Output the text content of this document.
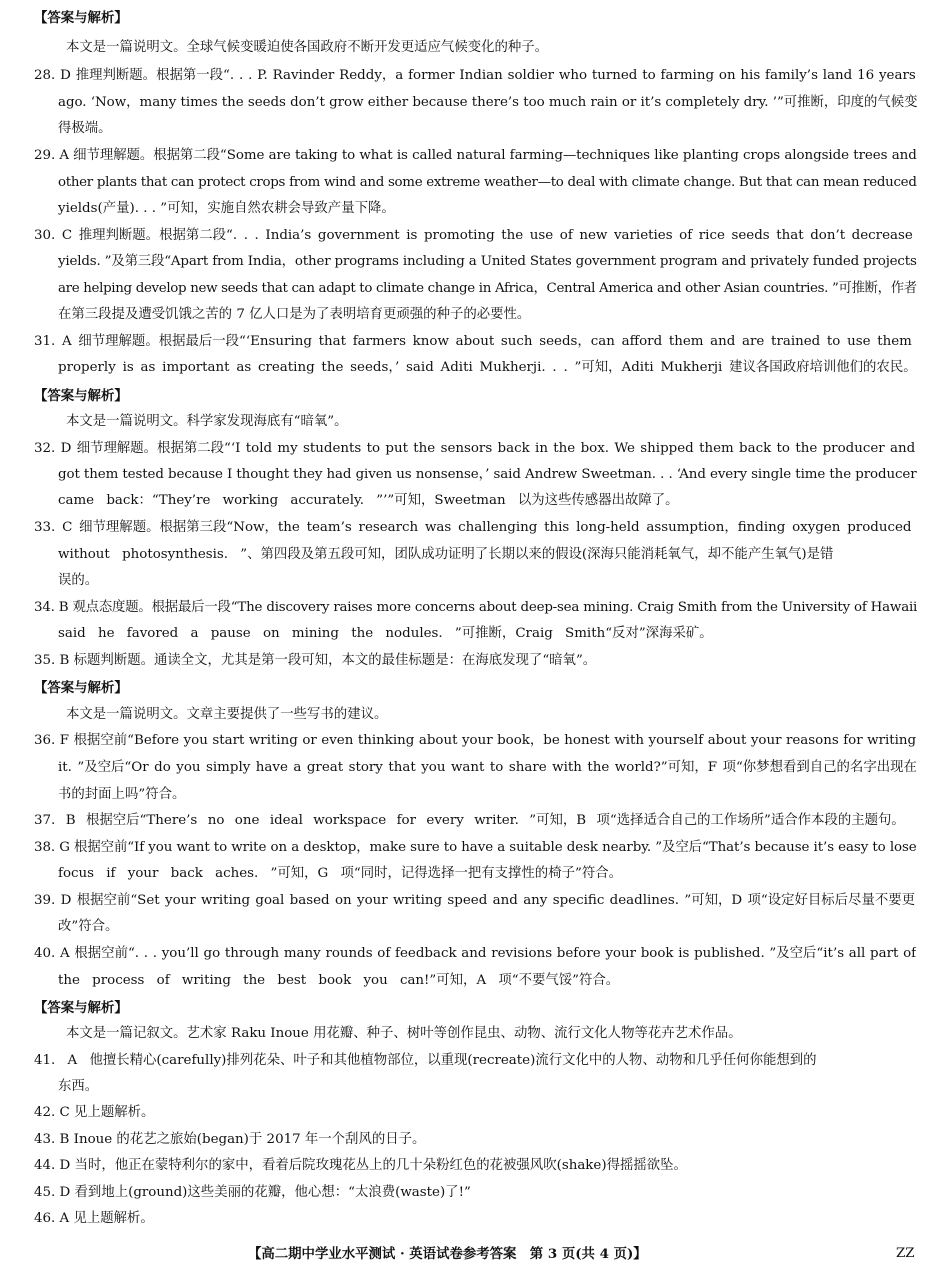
【答案与解析】
本文是一篇说明文。全球气候变暖迫使各国政府不断开发更适应气候变化的种子。
28. D 推理判断题。根据第一段“. . . P. Ravinder Reddy，a former Indian soldier who turned to farming on his family’s land 16 years
ago. ‘Now，many times the seeds don’t grow either because there’s too much rain or it’s completely dry. ’”可推断，印度的气候变
得极端。
29. A 细节理解题。根据第二段“Some are taking to what is called natural farming—techniques like planting crops alongside trees and
other plants that can protect crops from wind and some extreme weather—to deal with climate change. But that can mean reduced
yields(产量). . . ”可知，实施自然农耕会导致产量下降。
30. C 推理判断题。根据第二段“. . . India’s government is promoting the use of new varieties of rice seeds that don’t decrease
yields. ”及第三段“Apart from India，other programs including a United States government program and privately funded projects
are helping develop new seeds that can adapt to climate change in Africa，Central America and other Asian countries. ”可推断，作者
在第三段提及遭受饥饿之苦的 7 亿人口是为了表明培育更顽强的种子的必要性。
31. A 细节理解题。根据最后一段“‘Ensuring that farmers know about such seeds，can afford them and are trained to use them
properly is as important as creating the seeds，’ said Aditi Mukherji. . . ”可知，Aditi Mukherji 建议各国政府培训他们的农民。
【答案与解析】
本文是一篇说明文。科学家发现海底有“暗氧”。
32. D 细节理解题。根据第二段“‘I told my students to put the sensors back in the box. We shipped them back to the producer and
got them tested because I thought they had given us nonsense，’ said Andrew Sweetman. . . ‘And every single time the producer
came back：“They’re working accurately. ”’”可知，Sweetman 以为这些传感器出故障了。
33. C 细节理解题。根据第三段“Now，the team’s research was challenging this long-held assumption，finding oxygen produced
without photosynthesis. ”、第四段及第五段可知，团队成功证明了长期以来的假设(深海只能消耗氧气，却不能产生氧气)是错
误的。
34. B 观点态度题。根据最后一段“The discovery raises more concerns about deep-sea mining. Craig Smith from the University of Hawaii
said he favored a pause on mining the nodules. ”可推断，Craig Smith“反对”深海采矿。
35. B 标题判断题。通读全文，尤其是第一段可知，本文的最佳标题是：在海底发现了“暗氧”。
【答案与解析】
本文是一篇说明文。文章主要提供了一些写书的建议。
36. F 根据空前“Before you start writing or even thinking about your book，be honest with yourself about your reasons for writing
it. ”及空后“Or do you simply have a great story that you want to share with the world?”可知，F 项“你梦想看到自己的名字出现在
书的封面上吗”符合。
37. B 根据空后“There’s no one ideal workspace for every writer. ”可知，B 项“选择适合自己的工作场所”适合作本段的主题句。
38. G 根据空前“If you want to write on a desktop，make sure to have a suitable desk nearby. ”及空后“That’s because it’s easy to lose
focus if your back aches. ”可知，G 项“同时，记得选择一把有支撑性的椅子”符合。
39. D 根据空前“Set your writing goal based on your writing speed and any specific deadlines. ”可知，D 项“设定好目标后尽量不要更
改”符合。
40. A 根据空前“. . . you’ll go through many rounds of feedback and revisions before your book is published. ”及空后“it’s all part of
the process of writing the best book you can!”可知，A 项“不要气馁”符合。
【答案与解析】
本文是一篇记叙文。艺术家 Raku Inoue 用花瓣、种子、树叶等创作昆虫、动物、流行文化人物等花卉艺术作品。
41. A 他擅长精心(carefully)排列花朵、叶子和其他植物部位，以重现(recreate)流行文化中的人物、动物和几乎任何你能想到的
东西。
42. C 见上题解析。
43. B Inoue 的花艺之旅始(began)于 2017 年一个刮风的日子。
44. D 当时，他正在蒙特利尔的家中，看着后院玫瑰花丛上的几十朵粉红色的花被强风吹(shake)得摇摇欲坠。
45. D 看到地上(ground)这些美丽的花瓣，他心想：“太浪费(waste)了!”
46. A 见上题解析。
【高二期中学业水平测试 · 英语试卷参考答案　第 3 页(共 4 页)】	ZZ
